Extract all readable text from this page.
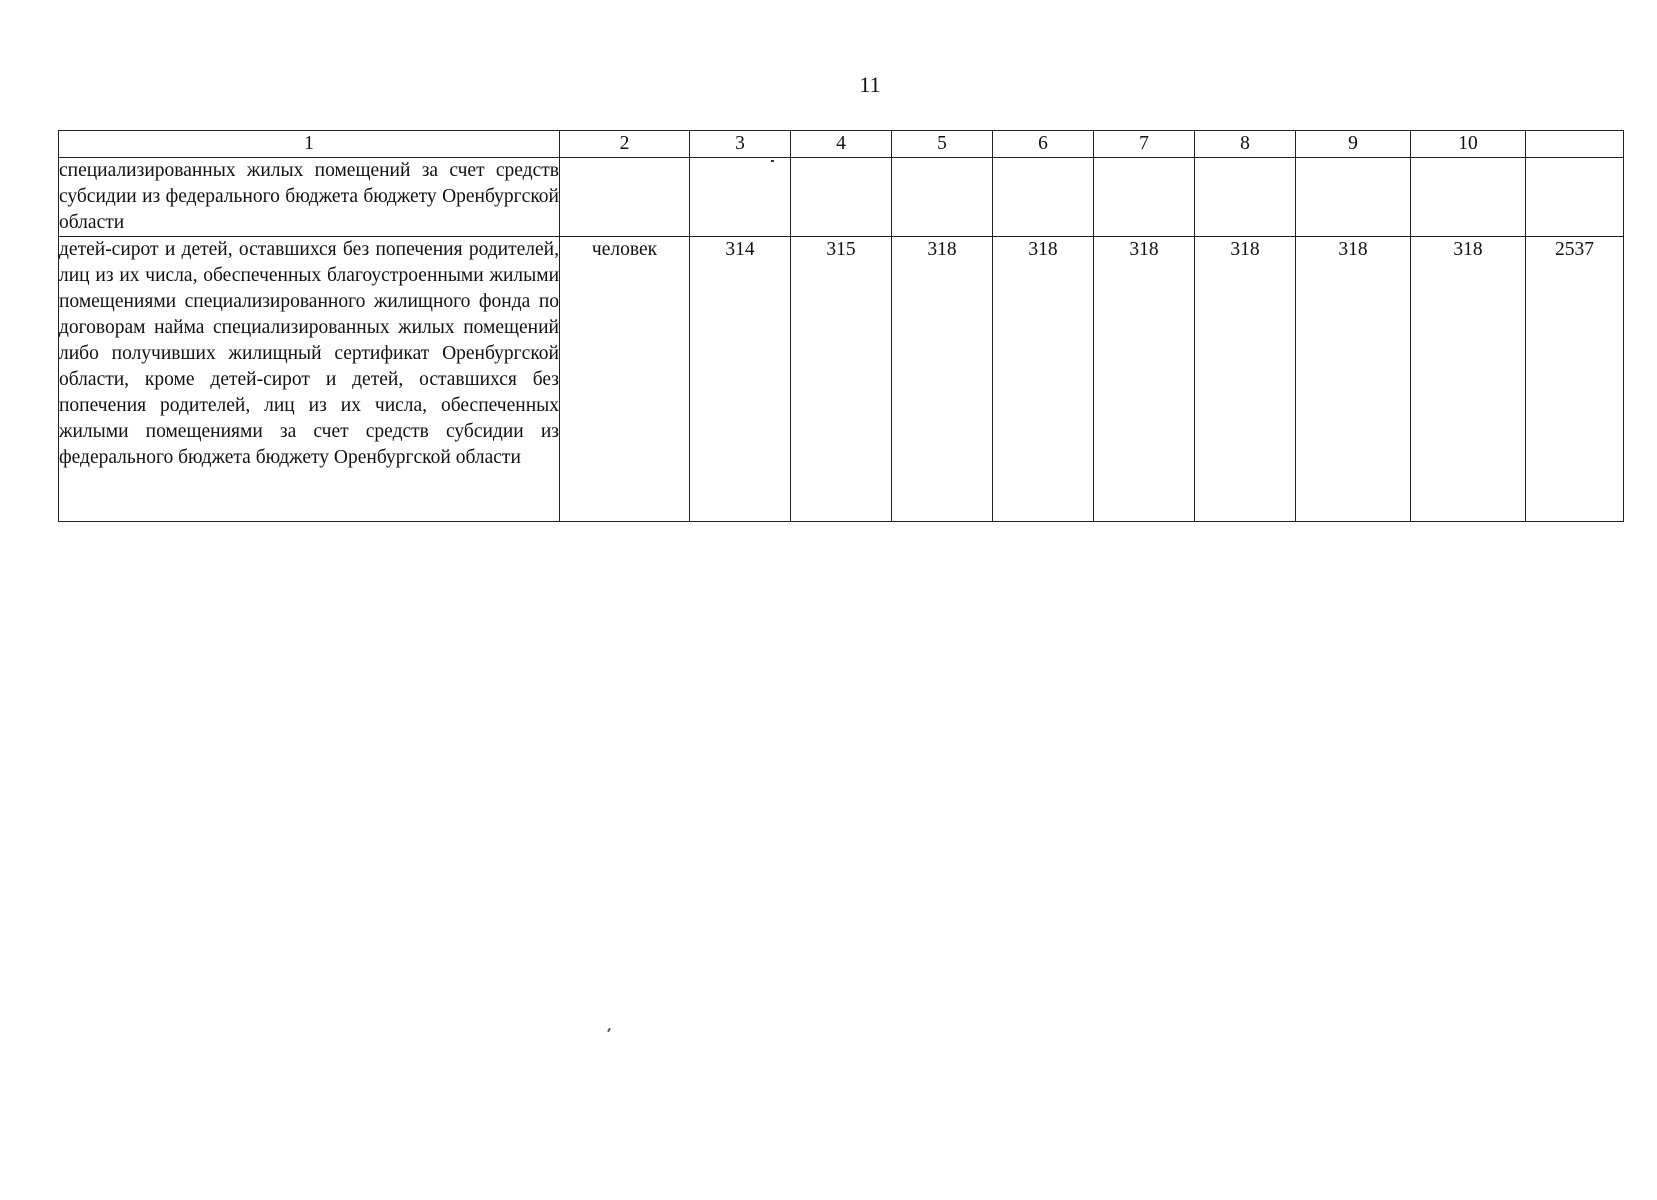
11
1	2	3	4	5	6	7	8	9	10	
специализированных жилых помещений за счет средств субсидии из федерального бюджета бюджету Оренбургской области										
детей-сирот и детей, оставшихся без попечения родителей, лиц из их числа, обеспеченных благоустроенными жилыми помещениями специализированного жилищного фонда по договорам найма специализированных жилых помещений либо получивших жилищный сертификат Оренбургской области, кроме детей-сирот и детей, оставшихся без попечения родителей, лиц из их числа, обеспеченных жилыми помещениями за счет средств субсидии из федерального бюджета бюджету Оренбургской области	человек	314	315	318	318	318	318	318	318	2537
